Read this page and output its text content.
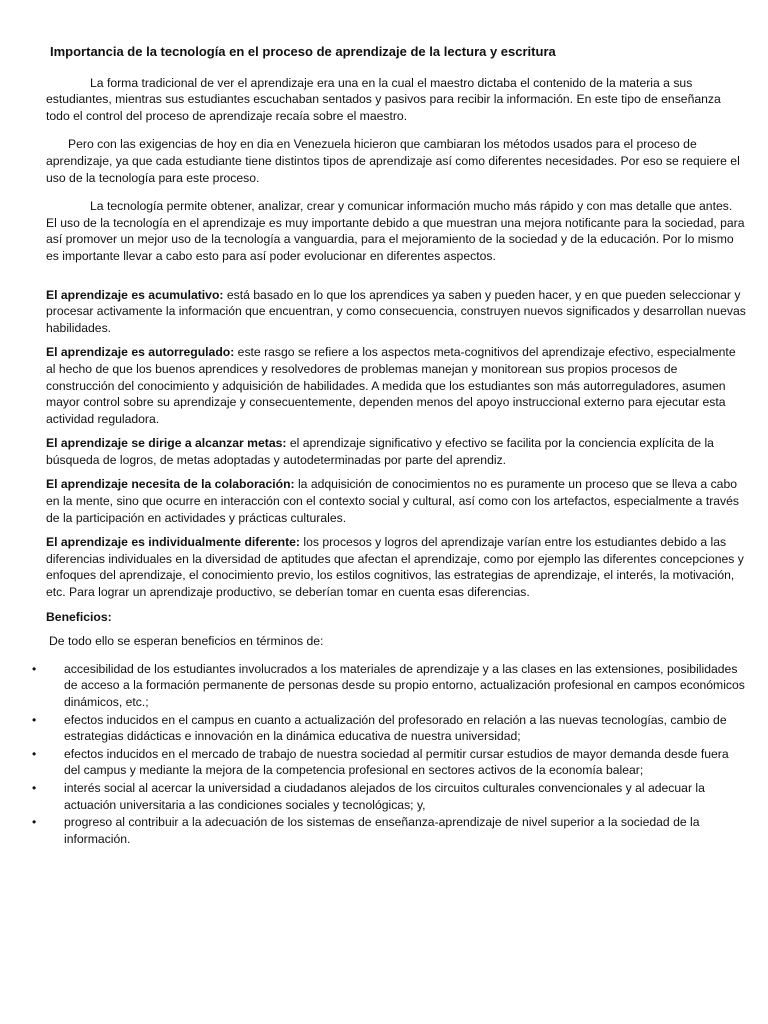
Importancia de la tecnología en el proceso de aprendizaje de la lectura y escritura

La forma tradicional de ver el aprendizaje era una en la cual el maestro dictaba el contenido de la materia a sus estudiantes, mientras sus estudiantes escuchaban sentados y pasivos para recibir la información. En este tipo de enseñanza todo el control del proceso de aprendizaje recaía sobre el maestro.

Pero con las exigencias de hoy en dia en Venezuela hicieron que cambiaran los métodos usados para el proceso de aprendizaje, ya que cada estudiante tiene distintos tipos de aprendizaje así como diferentes necesidades. Por eso se requiere el uso de la tecnología para este proceso.

La tecnología permite obtener, analizar, crear y comunicar información mucho más rápido y con mas detalle que antes. El uso de la tecnología en el aprendizaje es muy importante debido a que muestran una mejora notificante para la sociedad, para así promover un mejor uso de la tecnología a vanguardia, para el mejoramiento de la sociedad y de la educación. Por lo mismo es importante llevar a cabo esto para así poder evolucionar en diferentes aspectos.

El aprendizaje es acumulativo: está basado en lo que los aprendices ya saben y pueden hacer, y en que pueden seleccionar y procesar activamente la información que encuentran, y como consecuencia, construyen nuevos significados y desarrollan nuevas habilidades.

El aprendizaje es autorregulado: este rasgo se refiere a los aspectos meta-cognitivos del aprendizaje efectivo, especialmente al hecho de que los buenos aprendices y resolvedores de problemas manejan y monitorean sus propios procesos de construcción del conocimiento y adquisición de habilidades. A medida que los estudiantes son más autorreguladores, asumen mayor control sobre su aprendizaje y consecuentemente, dependen menos del apoyo instruccional externo para ejecutar esta actividad reguladora.

El aprendizaje se dirige a alcanzar metas: el aprendizaje significativo y efectivo se facilita por la conciencia explícita de la búsqueda de logros, de metas adoptadas y autodeterminadas por parte del aprendiz.

El aprendizaje necesita de la colaboración: la adquisición de conocimientos no es puramente un proceso que se lleva a cabo en la mente, sino que ocurre en interacción con el contexto social y cultural, así como con los artefactos, especialmente a través de la participación en actividades y prácticas culturales.

El aprendizaje es individualmente diferente: los procesos y logros del aprendizaje varían entre los estudiantes debido a las diferencias individuales en la diversidad de aptitudes que afectan el aprendizaje, como por ejemplo las diferentes concepciones y enfoques del aprendizaje, el conocimiento previo, los estilos cognitivos, las estrategias de aprendizaje, el interés, la motivación, etc. Para lograr un aprendizaje productivo, se deberían tomar en cuenta esas diferencias.

Beneficios:
De todo ello se esperan beneficios en términos de:
• accesibilidad de los estudiantes involucrados a los materiales de aprendizaje y a las clases en las extensiones, posibilidades de acceso a la formación permanente de personas desde su propio entorno, actualización profesional en campos económicos dinámicos, etc.;
• efectos inducidos en el campus en cuanto a actualización del profesorado en relación a las nuevas tecnologías, cambio de estrategias didácticas e innovación en la dinámica educativa de nuestra universidad;
• efectos inducidos en el mercado de trabajo de nuestra sociedad al permitir cursar estudios de mayor demanda desde fuera del campus y mediante la mejora de la competencia profesional en sectores activos de la economía balear;
• interés social al acercar la universidad a ciudadanos alejados de los circuitos culturales convencionales y al adecuar la actuación universitaria a las condiciones sociales y tecnológicas; y,
• progreso al contribuir a la adecuación de los sistemas de enseñanza-aprendizaje de nivel superior a la sociedad de la información.
